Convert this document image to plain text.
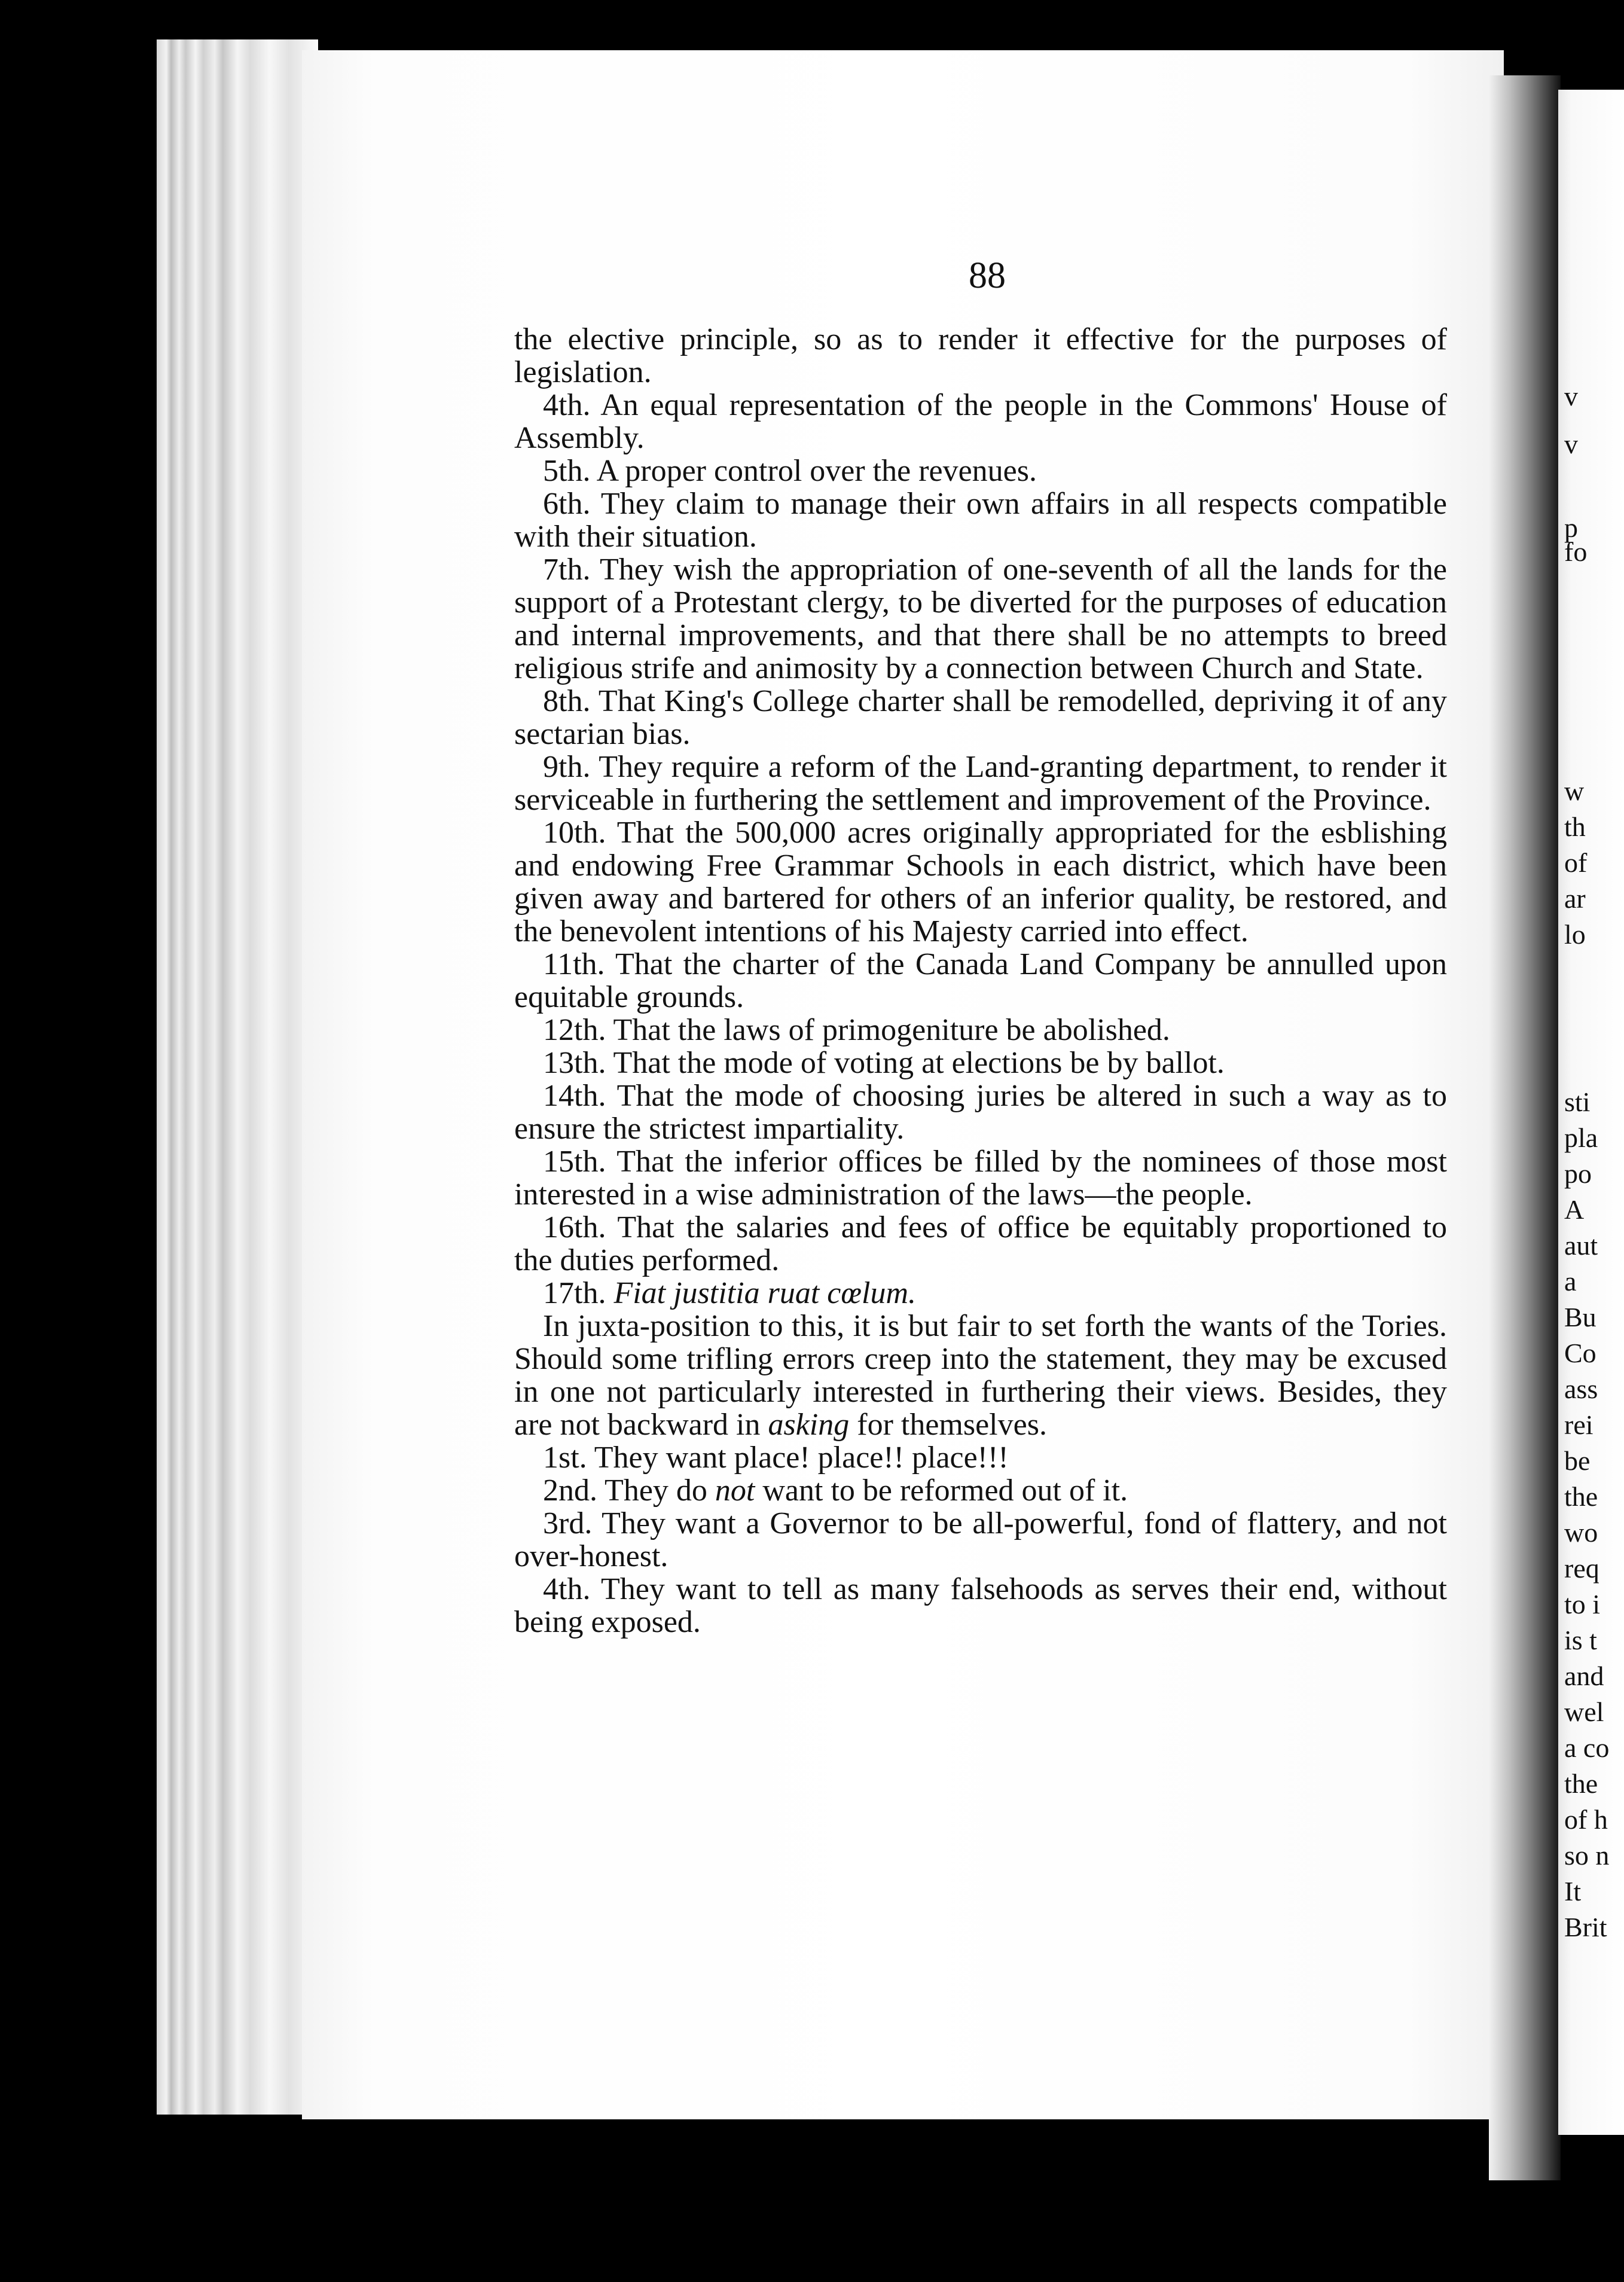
v
v
p
fo
w
th
of
ar
lo
sti
pla
po
A
aut
a
Bu
Co
ass
rei
be
the
wo
req
to i
is t
and
wel
a co
the
of h
so n
It
Brit
88

the elective principle, so as to render it effective for the purposes of legislation.

4th. An equal representation of the people in the Commons' House of Assembly.

5th. A proper control over the revenues.

6th. They claim to manage their own affairs in all respects compatible with their situation.

7th. They wish the appropriation of one-seventh of all the lands for the support of a Protestant clergy, to be diverted for the purposes of education and internal improvements, and that there shall be no attempts to breed religious strife and animosity by a connection between Church and State.

8th. That King's College charter shall be remodelled, depriving it of any sectarian bias.

9th. They require a reform of the Land-granting department, to render it serviceable in furthering the settlement and improvement of the Province.

10th. That the 500,000 acres originally appropriated for the esblishing and endowing Free Grammar Schools in each district, which have been given away and bartered for others of an inferior quality, be restored, and the benevolent intentions of his Majesty carried into effect.

11th. That the charter of the Canada Land Company be annulled upon equitable grounds.

12th. That the laws of primogeniture be abolished.

13th. That the mode of voting at elections be by ballot.

14th. That the mode of choosing juries be altered in such a way as to ensure the strictest impartiality.

15th. That the inferior offices be filled by the nominees of those most interested in a wise administration of the laws—the people.

16th. That the salaries and fees of office be equitably proportioned to the duties performed.

17th. Fiat justitia ruat cœlum.

In juxta-position to this, it is but fair to set forth the wants of the Tories. Should some trifling errors creep into the statement, they may be excused in one not particularly interested in furthering their views. Besides, they are not backward in asking for themselves.

1st. They want place! place!! place!!!

2nd. They do not want to be reformed out of it.

3rd. They want a Governor to be all-powerful, fond of flattery, and not over-honest.

4th. They want to tell as many falsehoods as serves their end, without being exposed.
